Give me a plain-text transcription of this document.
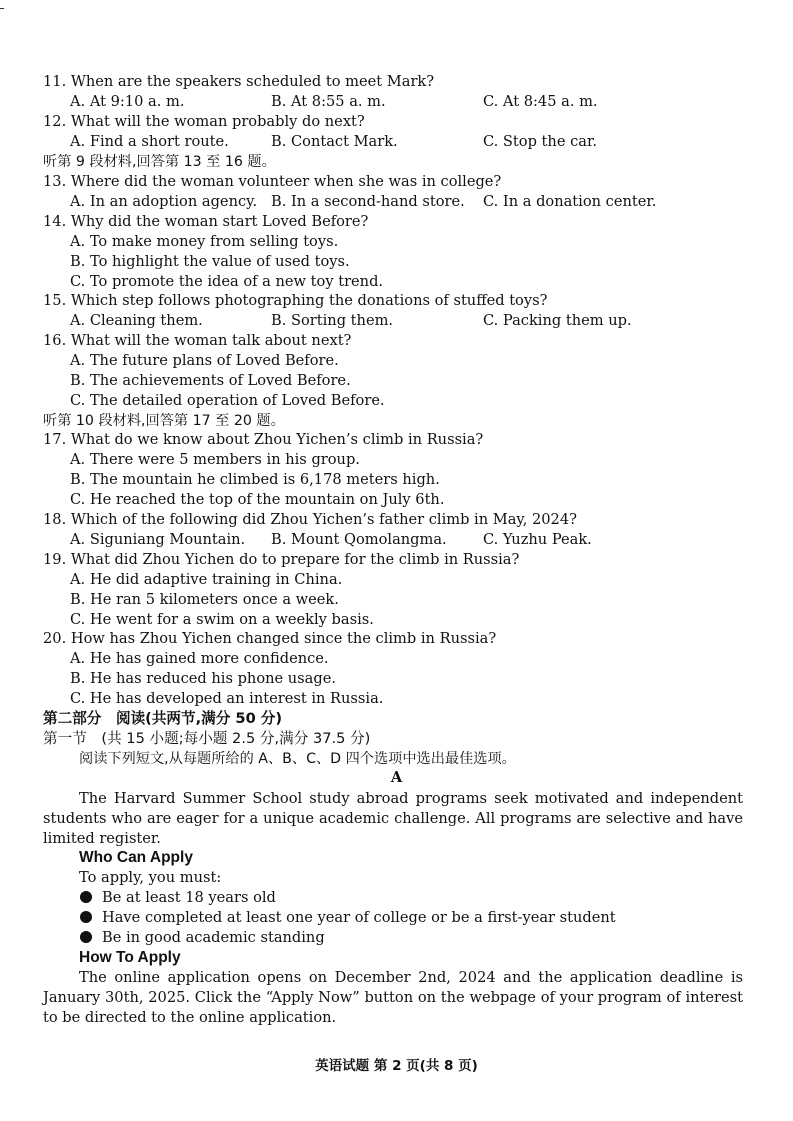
11. When are the speakers scheduled to meet Mark?
A. At 9:10 a. m.	B. At 8:55 a. m.	C. At 8:45 a. m.
12. What will the woman probably do next?
A. Find a short route.	B. Contact Mark.	C. Stop the car.
听第 9 段材料,回答第 13 至 16 题。
13. Where did the woman volunteer when she was in college?
A. In an adoption agency. B. In a second-hand store. C. In a donation center.
14. Why did the woman start Loved Before?
A. To make money from selling toys.
B. To highlight the value of used toys.
C. To promote the idea of a new toy trend.
15. Which step follows photographing the donations of stuffed toys?
A. Cleaning them.	B. Sorting them.	C. Packing them up.
16. What will the woman talk about next?
A. The future plans of Loved Before.
B. The achievements of Loved Before.
C. The detailed operation of Loved Before.
听第 10 段材料,回答第 17 至 20 题。
17. What do we know about Zhou Yichen’s climb in Russia?
A. There were 5 members in his group.
B. The mountain he climbed is 6,178 meters high.
C. He reached the top of the mountain on July 6th.
18. Which of the following did Zhou Yichen’s father climb in May, 2024?
A. Siguniang Mountain. B. Mount Qomolangma. C. Yuzhu Peak.
19. What did Zhou Yichen do to prepare for the climb in Russia?
A. He did adaptive training in China.
B. He ran 5 kilometers once a week.
C. He went for a swim on a weekly basis.
20. How has Zhou Yichen changed since the climb in Russia?
A. He has gained more confidence.
B. He has reduced his phone usage.
C. He has developed an interest in Russia.
第二部分　阅读(共两节,满分 50 分)
第一节　(共 15 小题;每小题 2.5 分,满分 37.5 分)
阅读下列短文,从每题所给的 A、B、C、D 四个选项中选出最佳选项。
A
The Harvard Summer School study abroad programs seek motivated and independent students who are eager for a unique academic challenge. All programs are selective and have limited register.
Who Can Apply
To apply, you must:
Be at least 18 years old
Have completed at least one year of college or be a first-year student
Be in good academic standing
How To Apply
The online application opens on December 2nd, 2024 and the application deadline is January 30th, 2025. Click the “Apply Now” button on the webpage of your program of interest to be directed to the online application.
英语试题 第 2 页(共 8 页)
